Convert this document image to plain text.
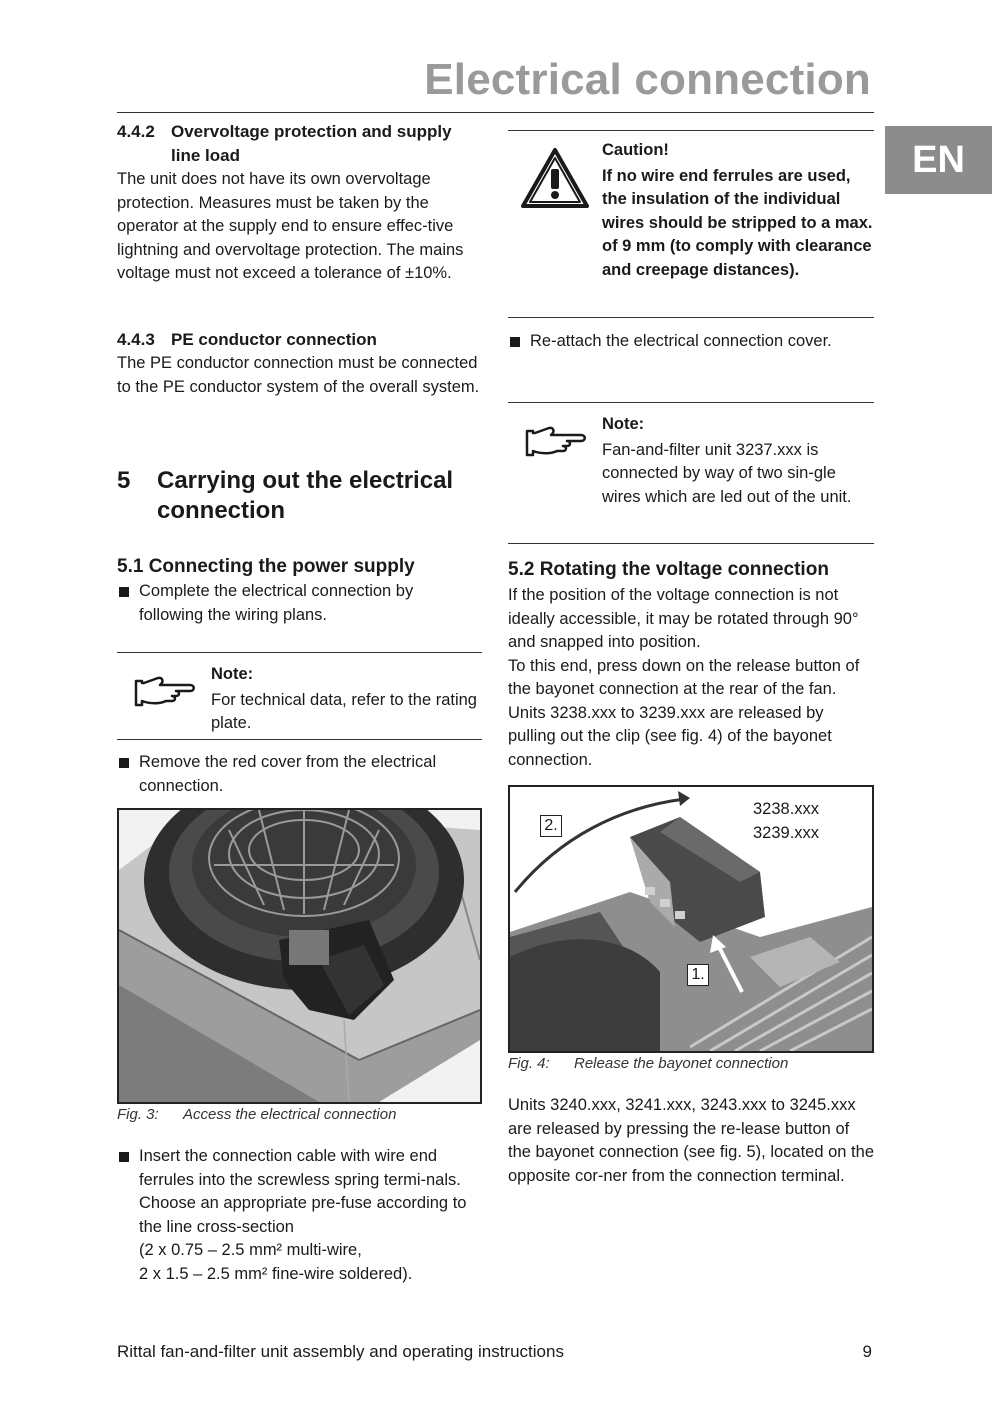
Electrical connection
EN
4.4.2 Overvoltage protection and supply
line load

The unit does not have its own overvoltage protection. Measures must be taken by the operator at the supply end to ensure effec-tive lightning and overvoltage protection. The mains voltage must not exceed a tolerance of ±10%.

4.4.3 PE conductor connection

The PE conductor connection must be connected to the PE conductor system of the overall system.

5	Carrying out the electrical connection
5.1 Connecting the power supply
Complete the electrical connection by following the wiring plans.
Note:
For technical data, refer to the rating plate.
Remove the red cover from the electrical connection.
Fig. 3: Access the electrical connection
Insert the connection cable with wire end ferrules into the screwless spring termi-nals. Choose an appropriate pre-fuse according to the line cross-section
(2 x 0.75 – 2.5 mm² multi-wire,
2 x 1.5 – 2.5 mm² fine-wire soldered).
Caution!
If no wire end ferrules are used, the insulation of the individual wires should be stripped to a max. of 9 mm (to comply with clearance and creepage distances).
Re-attach the electrical connection cover.
Note:
Fan-and-filter unit 3237.xxx is connected by way of two sin-gle wires which are led out of the unit.
5.2 Rotating the voltage connection
If the position of the voltage connection is not ideally accessible, it may be rotated through 90° and snapped into position.
To this end, press down on the release button of the bayonet connection at the rear of the fan. Units 3238.xxx to 3239.xxx are released by pulling out the clip (see fig. 4) of the bayonet connection.
3238.xxx
3239.xxx
2.
1.
Fig. 4: Release the bayonet connection
Units 3240.xxx, 3241.xxx, 3243.xxx to 3245.xxx are released by pressing the re-lease button of the bayonet connection (see fig. 5), located on the opposite cor-ner from the connection terminal.
Rittal fan-and-filter unit assembly and operating instructions	9
